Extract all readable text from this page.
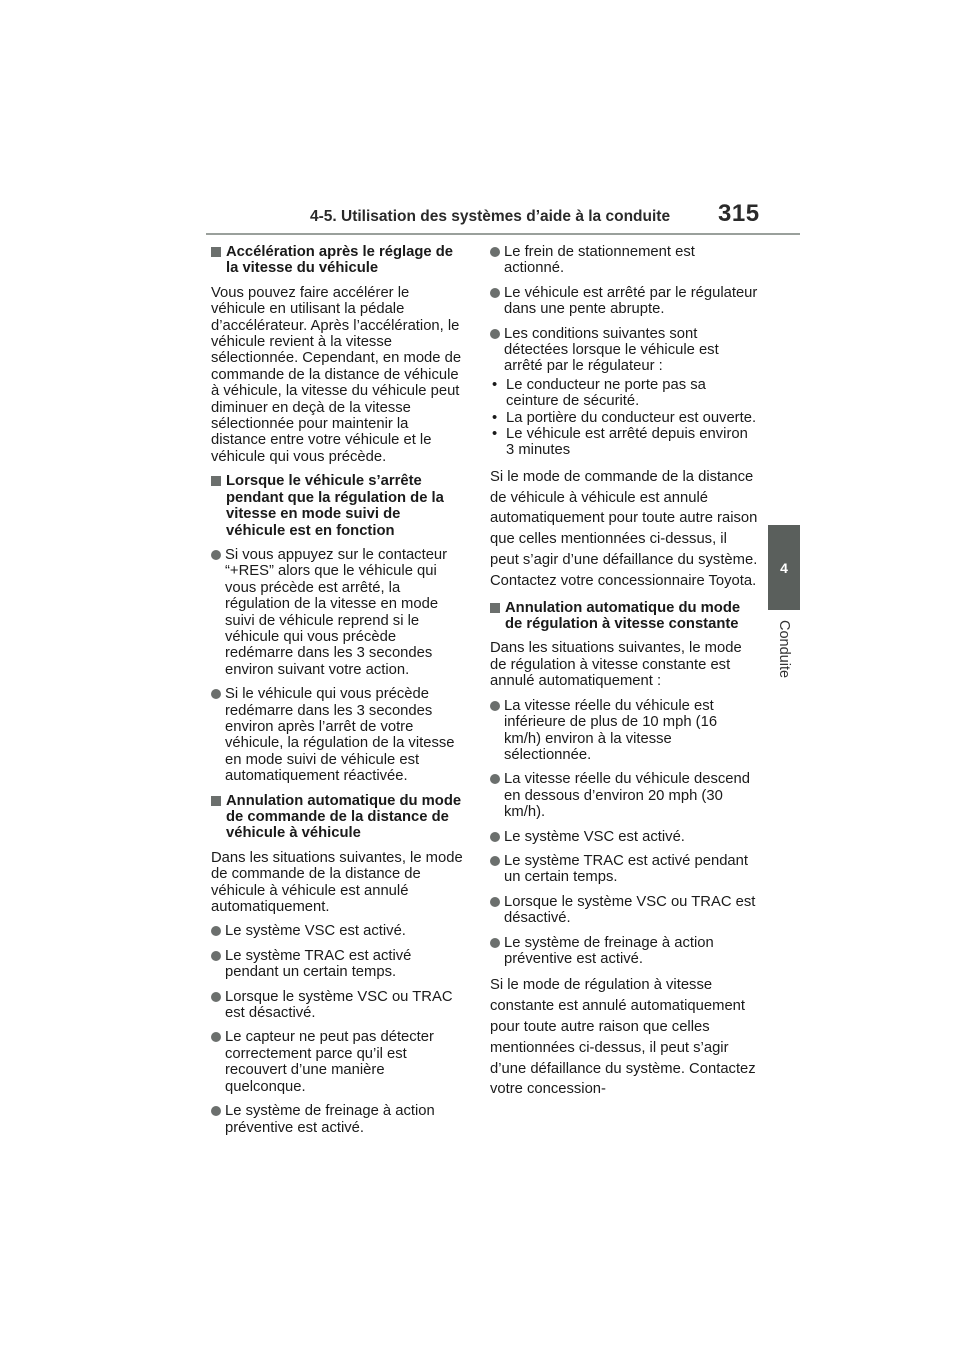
4-5. Utilisation des systèmes d’aide à la conduite 315
4
Conduite
Accélération après le réglage de la vitesse du véhicule
Vous pouvez faire accélérer le véhicule en utilisant la pédale d’accélérateur. Après l’accélération, le véhicule revient à la vitesse sélectionnée. Cependant, en mode de commande de la distance de véhicule à véhicule, la vitesse du véhicule peut diminuer en deçà de la vitesse sélectionnée pour maintenir la distance entre votre véhicule et le véhicule qui vous précède.
Lorsque le véhicule s’arrête pendant que la régulation de la vitesse en mode suivi de véhicule est en fonction
Si vous appuyez sur le contacteur “+RES” alors que le véhicule qui vous précède est arrêté, la régulation de la vitesse en mode suivi de véhicule reprend si le véhicule qui vous précède redémarre dans les 3 secondes environ suivant votre action.
Si le véhicule qui vous précède redémarre dans les 3 secondes environ après l’arrêt de votre véhicule, la régulation de la vitesse en mode suivi de véhicule est automatiquement réactivée.
Annulation automatique du mode de commande de la distance de véhicule à véhicule
Dans les situations suivantes, le mode de commande de la distance de véhicule à véhicule est annulé automatiquement.
Le système VSC est activé.
Le système TRAC est activé pendant un certain temps.
Lorsque le système VSC ou TRAC est désactivé.
Le capteur ne peut pas détecter correctement parce qu’il est recouvert d’une manière quelconque.
Le système de freinage à action préventive est activé.
Le frein de stationnement est actionné.
Le véhicule est arrêté par le régulateur dans une pente abrupte.
Les conditions suivantes sont détectées lorsque le véhicule est arrêté par le régulateur :
• Le conducteur ne porte pas sa ceinture de sécurité.
• La portière du conducteur est ouverte.
• Le véhicule est arrêté depuis environ 3 minutes
Si le mode de commande de la distance de véhicule à véhicule est annulé automatiquement pour toute autre raison que celles mentionnées ci-dessus, il peut s’agir d’une défaillance du système. Contactez votre concessionnaire Toyota.
Annulation automatique du mode de régulation à vitesse constante
Dans les situations suivantes, le mode de régulation à vitesse constante est annulé automatiquement :
La vitesse réelle du véhicule est inférieure de plus de 10 mph (16 km/h) environ à la vitesse sélectionnée.
La vitesse réelle du véhicule descend en dessous d’environ 20 mph (30 km/h).
Le système VSC est activé.
Le système TRAC est activé pendant un certain temps.
Lorsque le système VSC ou TRAC est désactivé.
Le système de freinage à action préventive est activé.
Si le mode de régulation à vitesse constante est annulé automatiquement pour toute autre raison que celles mentionnées ci-dessus, il peut s’agir d’une défaillance du système. Contactez votre concession-
